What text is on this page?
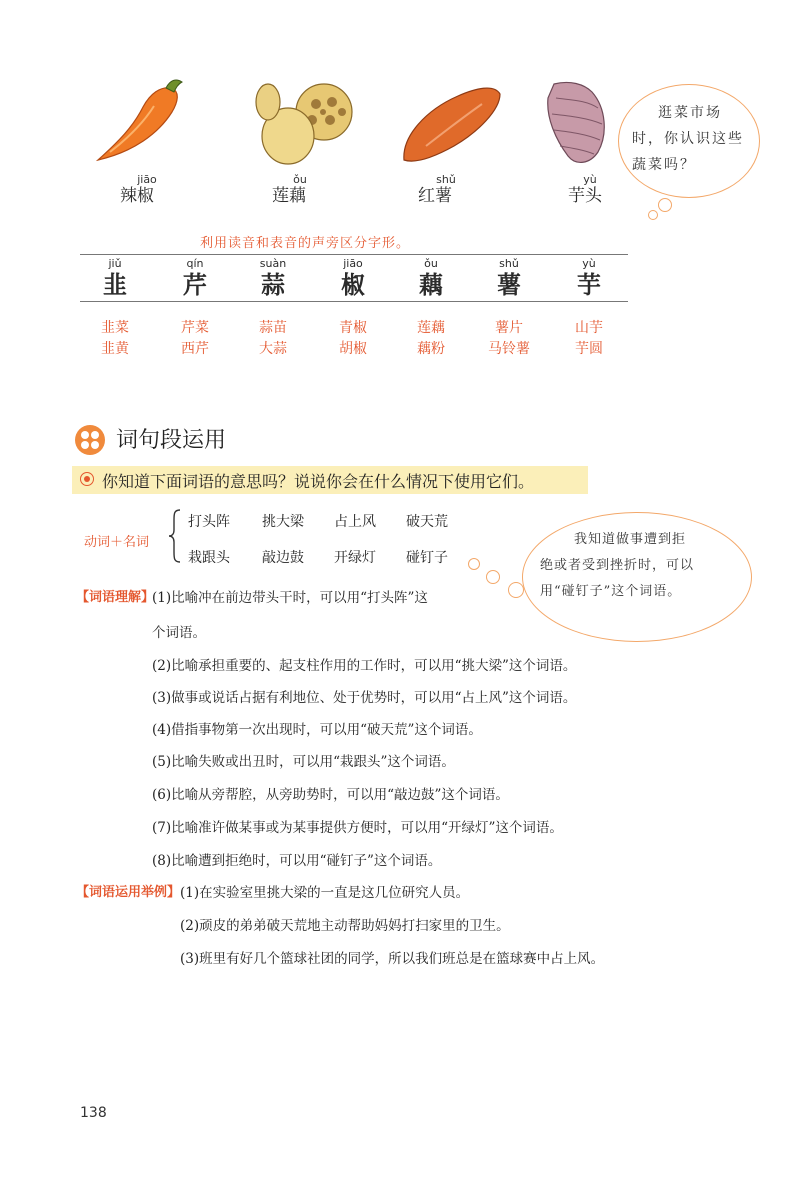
jiāo
辣椒
ǒu
莲藕
shǔ
红薯
yù
芋头
逛菜市场
时，你认识这些
蔬菜吗？
利用读音和表音的声旁区分字形。
jiǔ
韭
qín
芹
suàn
蒜
jiāo
椒
ǒu
藕
shǔ
薯
yù
芋
韭菜
韭黄
芹菜
西芹
蒜苗
大蒜
青椒
胡椒
莲藕
藕粉
薯片
马铃薯
山芋
芋圆
词句段运用
你知道下面词语的意思吗？说说你会在什么情况下使用它们。
动词＋名词
打头阵 挑大梁 占上风 破天荒
栽跟头 敲边鼓 开绿灯 碰钉子
我知道做事遭到拒
绝或者受到挫折时，可以
用“碰钉子”这个词语。
【词语理解】
(1)比喻冲在前边带头干时，可以用“打头阵”这
个词语。
(2)比喻承担重要的、起支柱作用的工作时，可以用“挑大梁”这个词语。
(3)做事或说话占据有利地位、处于优势时，可以用“占上风”这个词语。
(4)借指事物第一次出现时，可以用“破天荒”这个词语。
(5)比喻失败或出丑时，可以用“栽跟头”这个词语。
(6)比喻从旁帮腔，从旁助势时，可以用“敲边鼓”这个词语。
(7)比喻准许做某事或为某事提供方便时，可以用“开绿灯”这个词语。
(8)比喻遭到拒绝时，可以用“碰钉子”这个词语。
【词语运用举例】 (1)在实验室里挑大梁的一直是这几位研究人员。
(2)顽皮的弟弟破天荒地主动帮助妈妈打扫家里的卫生。
(3)班里有好几个篮球社团的同学，所以我们班总是在篮球赛中占上风。
138
